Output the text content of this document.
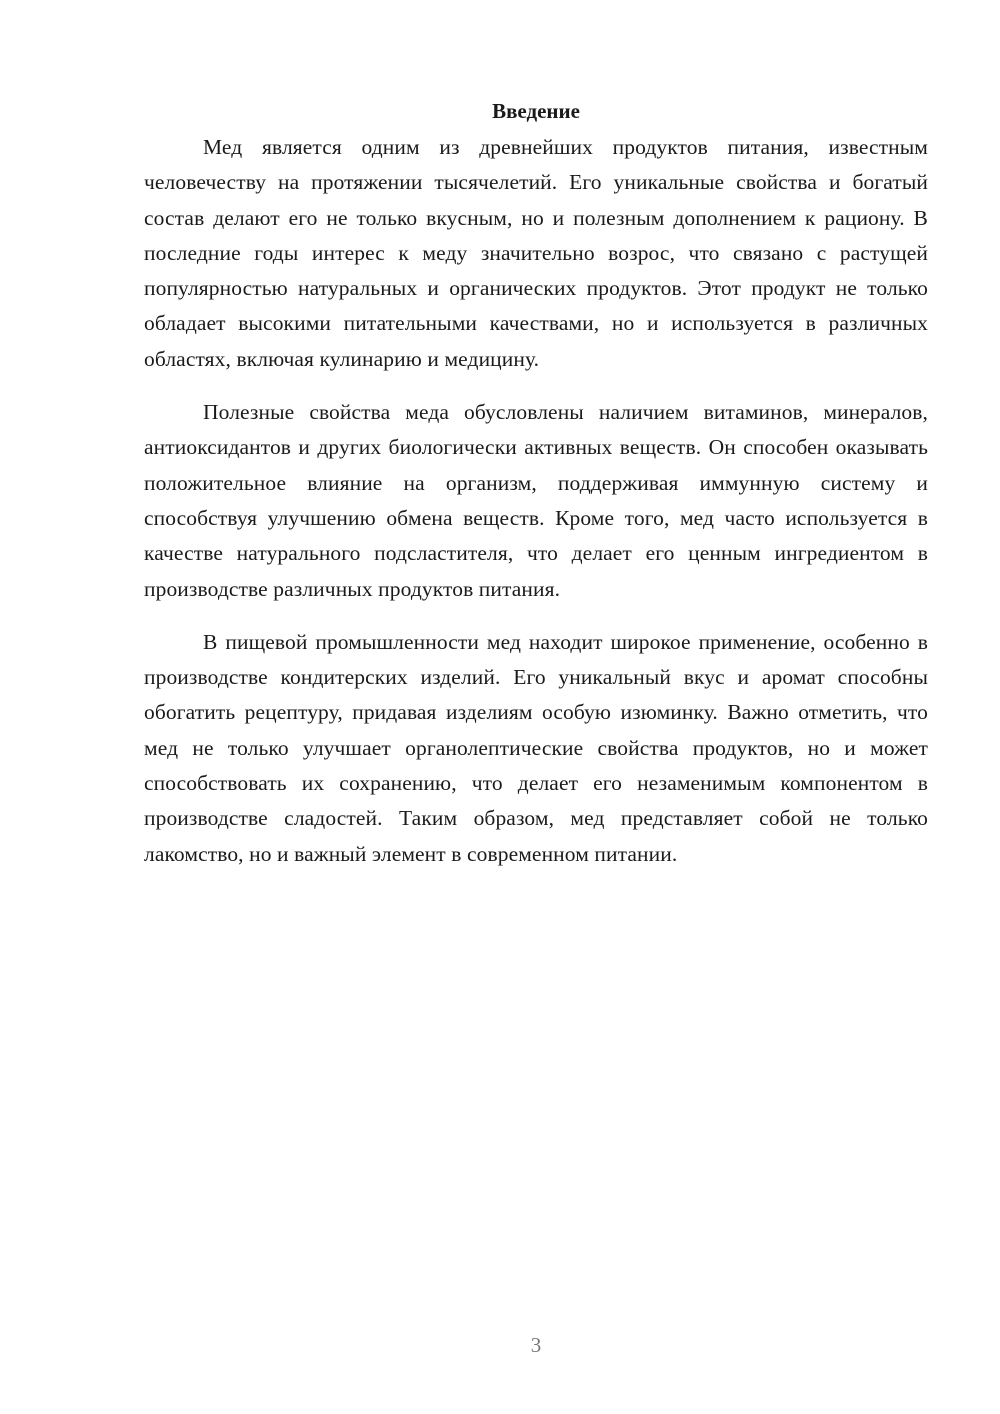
Введение

Мед является одним из древнейших продуктов питания, известным человечеству на протяжении тысячелетий. Его уникальные свойства и богатый состав делают его не только вкусным, но и полезным дополнением к рациону. В последние годы интерес к меду значительно возрос, что связано с растущей популярностью натуральных и органических продуктов. Этот продукт не только обладает высокими питательными качествами, но и используется в различных областях, включая кулинарию и медицину.

Полезные свойства меда обусловлены наличием витаминов, минералов, антиоксидантов и других биологически активных веществ. Он способен оказывать положительное влияние на организм, поддерживая иммунную систему и способствуя улучшению обмена веществ. Кроме того, мед часто используется в качестве натурального подсластителя, что делает его ценным ингредиентом в производстве различных продуктов питания.

В пищевой промышленности мед находит широкое применение, особенно в производстве кондитерских изделий. Его уникальный вкус и аромат способны обогатить рецептуру, придавая изделиям особую изюминку. Важно отметить, что мед не только улучшает органолептические свойства продуктов, но и может способствовать их сохранению, что делает его незаменимым компонентом в производстве сладостей. Таким образом, мед представляет собой не только лакомство, но и важный элемент в современном питании.

3
